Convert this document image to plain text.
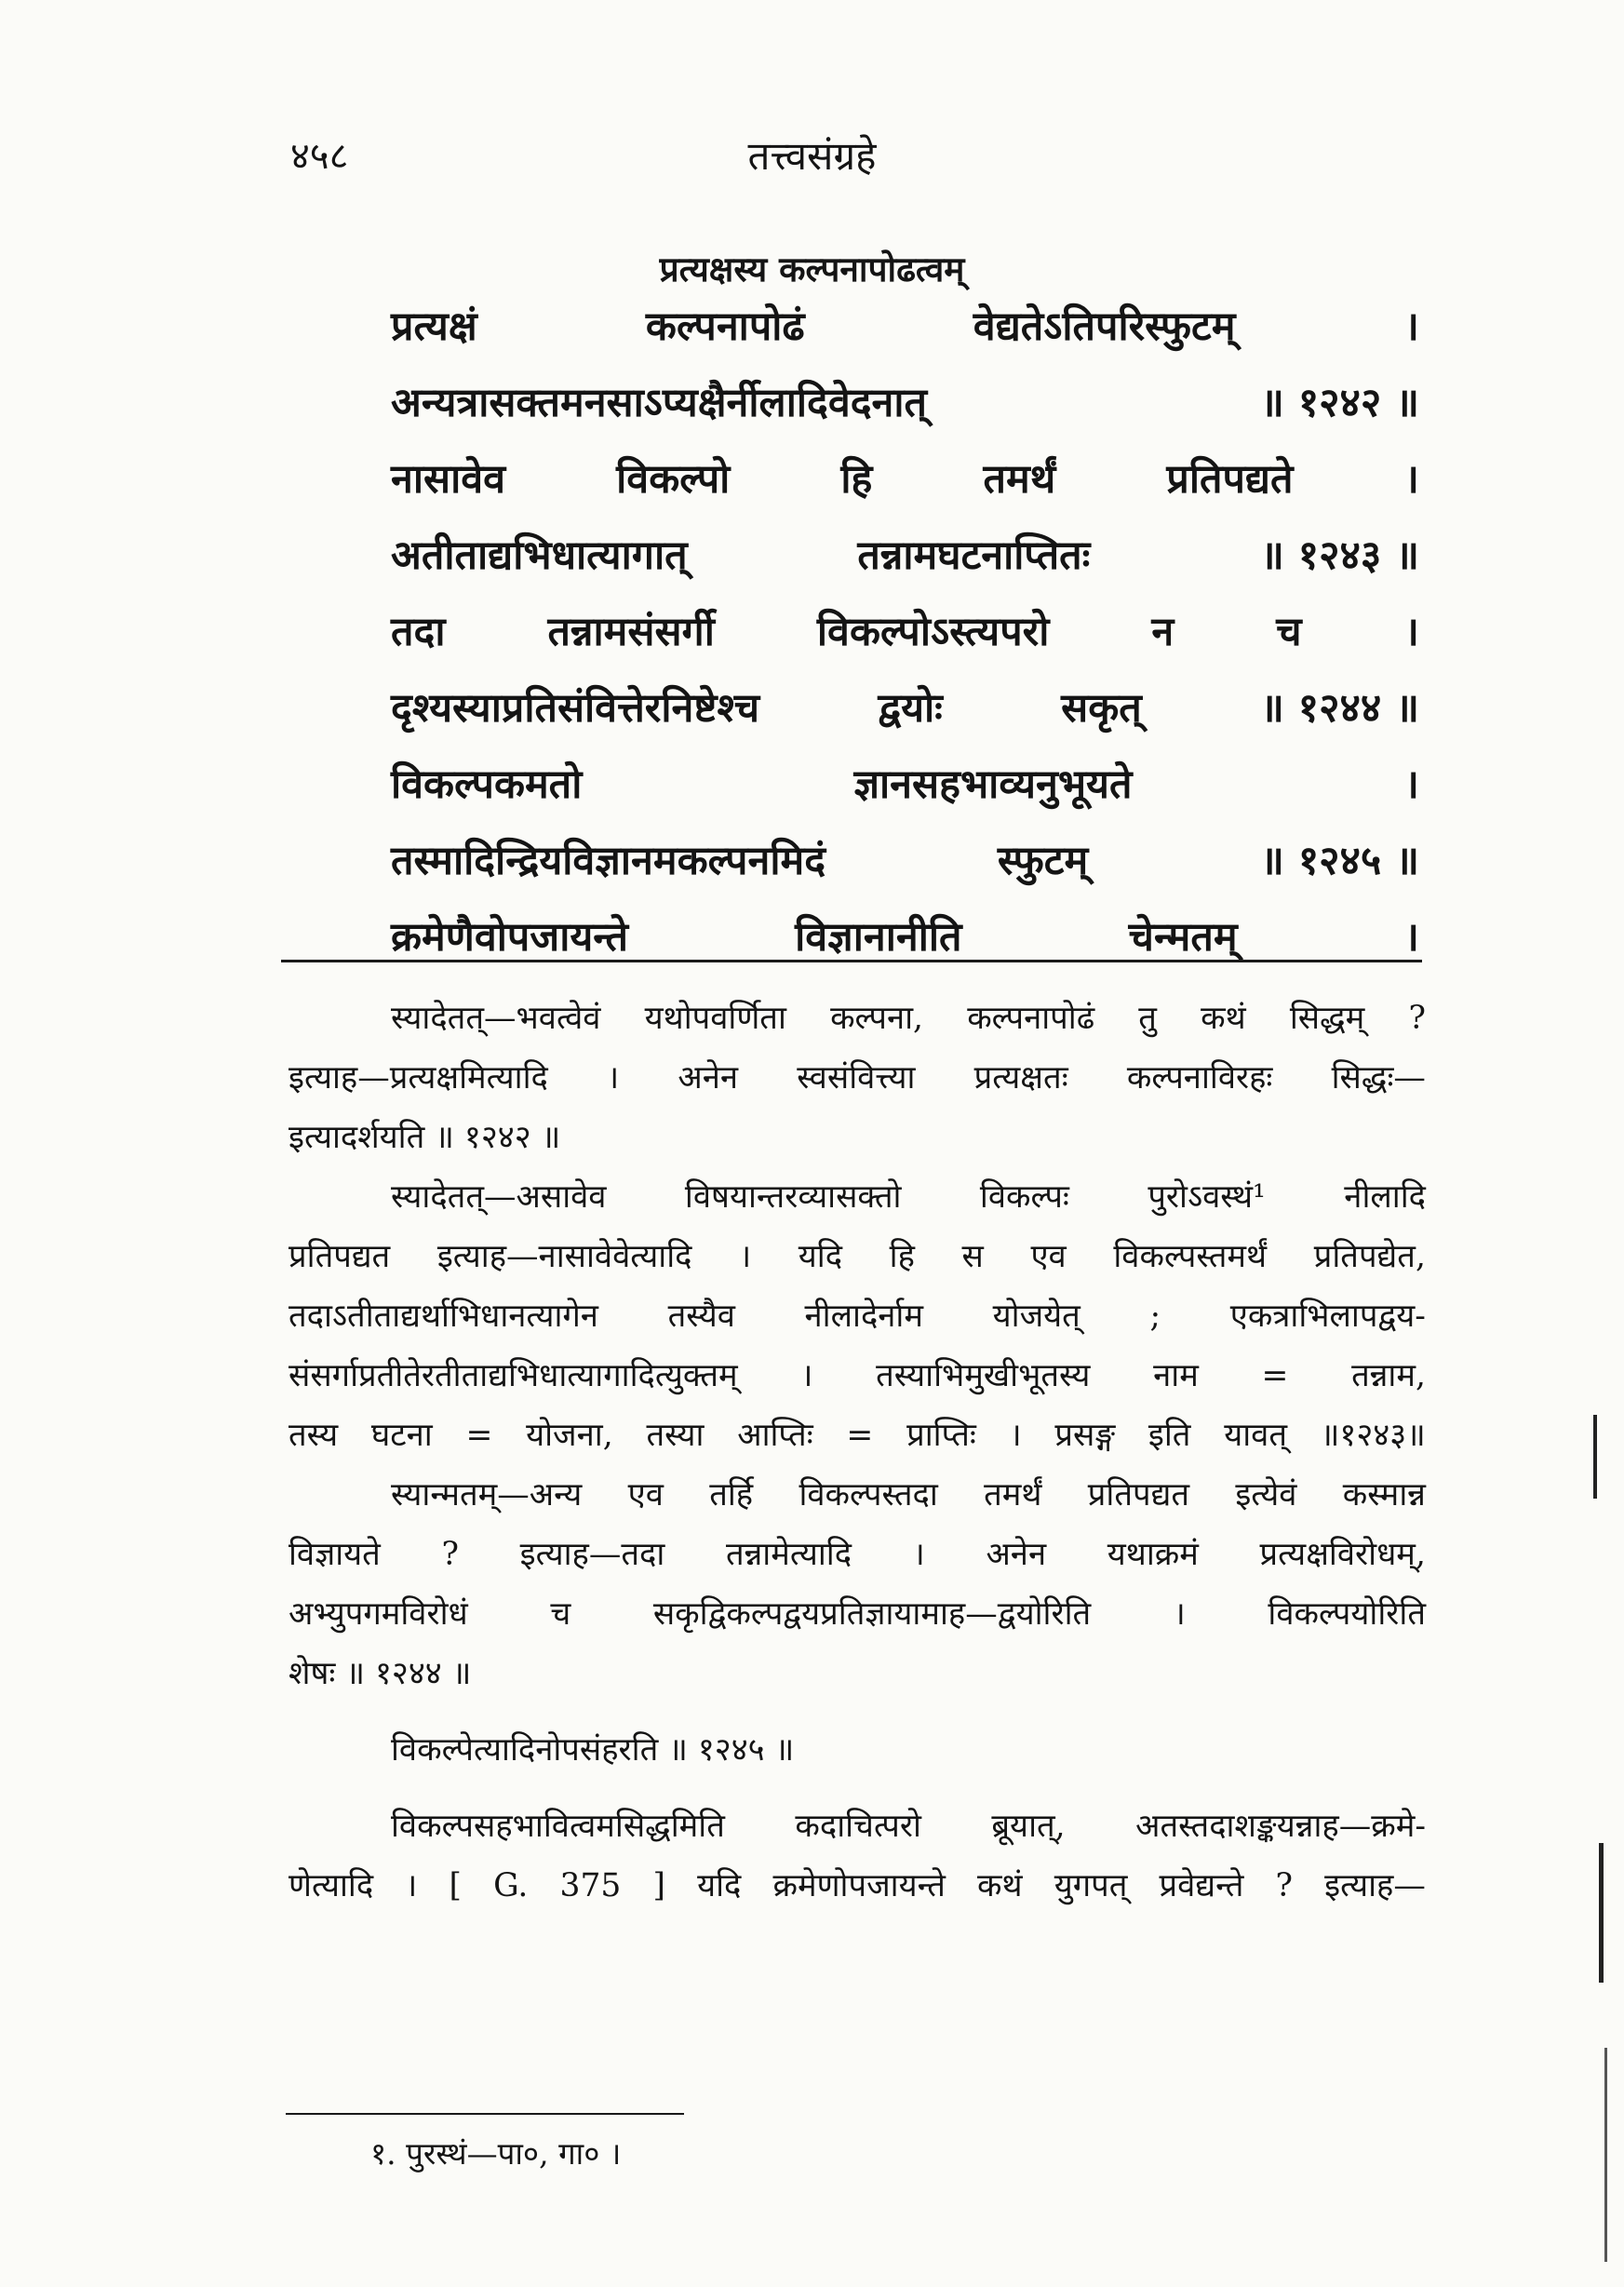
४५८	तत्त्वसंग्रहे
प्रत्यक्षस्य कल्पनापोढत्वम्
प्रत्यक्षं	कल्पनापोढं	वेद्यतेऽतिपरिस्फुटम्	।
अन्यत्रासक्तमनसाऽप्यक्षैर्नीलादिवेदनात्	॥ १२४२ ॥
नासावेव	विकल्पो	हि	तमर्थं	प्रतिपद्यते	।
अतीताद्यभिधात्यागात्	तन्नामघटनाप्तितः	॥ १२४३ ॥
तदा	तन्नामसंसर्गी	विकल्पोऽस्त्यपरो	न	च	।
दृश्यस्याप्रतिसंवित्तेरनिष्टेश्च	द्वयोः	सकृत्	॥ १२४४ ॥
विकल्पकमतो	ज्ञानसहभाव्यनुभूयते	।
तस्मादिन्द्रियविज्ञानमकल्पनमिदं	स्फुटम्	॥ १२४५ ॥
क्रमेणैवोपजायन्ते	विज्ञानानीति	चेन्मतम्	।
स्यादेतत्—भवत्वेवं यथोपवर्णिता कल्पना, कल्पनापोढं तु कथं सिद्धम् ?
इत्याह—प्रत्यक्षमित्यादि । अनेन स्वसंवित्त्या प्रत्यक्षतः कल्पनाविरहः सिद्धः—
इत्यादर्शयति ॥ १२४२ ॥
स्यादेतत्—असावेव विषयान्तरव्यासक्तो विकल्पः पुरोऽवस्थं¹ नीलादि
प्रतिपद्यत इत्याह—नासावेवेत्यादि । यदि हि स एव विकल्पस्तमर्थं प्रतिपद्येत,
तदाऽतीताद्यर्थाभिधानत्यागेन तस्यैव नीलादेर्नाम योजयेत् ; एकत्राभिलापद्वय-
संसर्गाप्रतीतेरतीताद्यभिधात्यागादित्युक्तम् । तस्याभिमुखीभूतस्य नाम = तन्नाम,
तस्य घटना = योजना, तस्या आप्तिः = प्राप्तिः । प्रसङ्ग इति यावत् ॥१२४३॥
स्यान्मतम्—अन्य एव तर्हि विकल्पस्तदा तमर्थं प्रतिपद्यत इत्येवं कस्मान्न
विज्ञायते ? इत्याह—तदा तन्नामेत्यादि । अनेन यथाक्रमं प्रत्यक्षविरोधम्,
अभ्युपगमविरोधं	च	सकृद्विकल्पद्वयप्रतिज्ञायामाह—द्वयोरिति	।	विकल्पयोरिति
शेषः ॥ १२४४ ॥
विकल्पेत्यादिनोपसंहरति ॥ १२४५ ॥
विकल्पसहभावित्वमसिद्धमिति कदाचित्परो ब्रूयात्, अतस्तदाशङ्कयन्नाह—क्रमे-
णेत्यादि । [ G. 375 ] यदि क्रमेणोपजायन्ते कथं युगपत् प्रवेद्यन्ते ? इत्याह—
१. पुरस्थं—पा०, गा० ।
